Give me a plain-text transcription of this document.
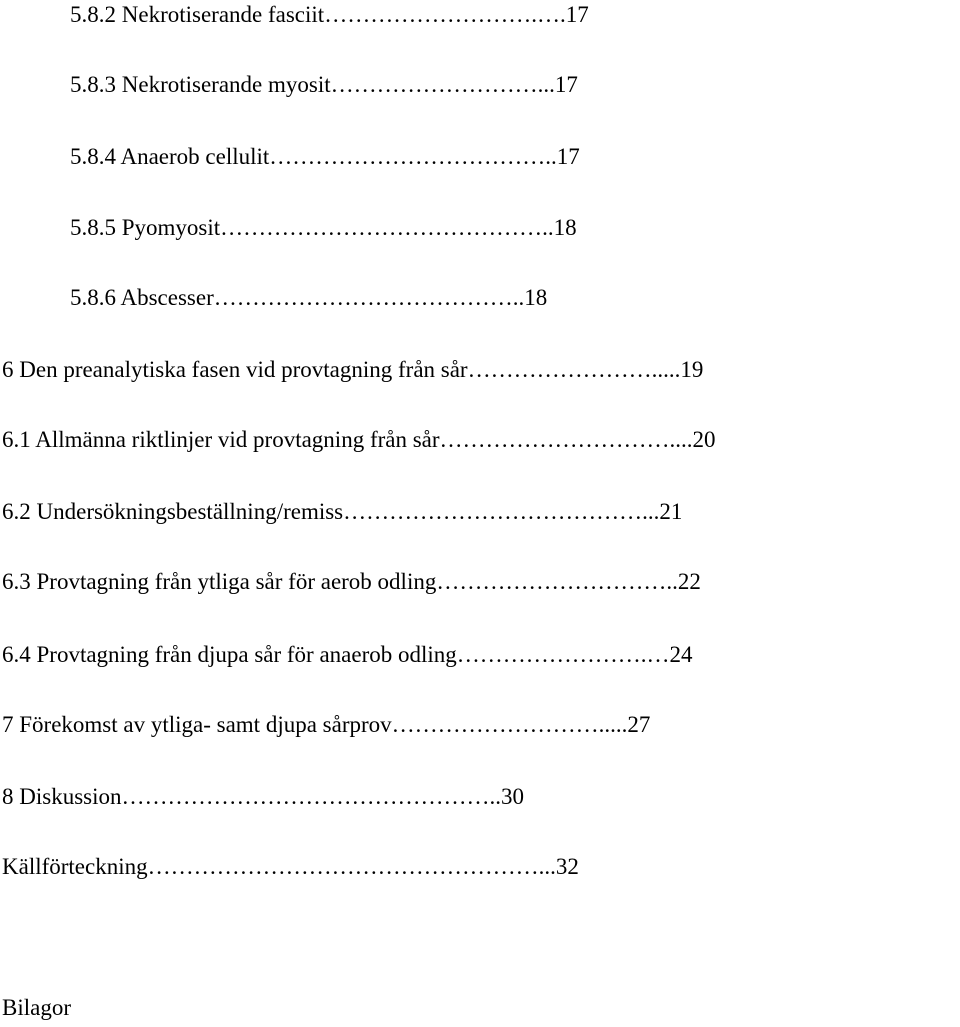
5.8.2 Nekrotiserande fasciit……………………….….17
5.8.3 Nekrotiserande myosit………………………...17
5.8.4 Anaerob cellulit………………………………..17
5.8.5 Pyomyosit……………………………………..18
5.8.6 Abscesser…………………………………..18
6 Den preanalytiska fasen vid provtagning från sår…………………….....19
6.1 Allmänna riktlinjer vid provtagning från sår…………………………....20
6.2 Undersökningsbeställning/remiss…………………………………...21
6.3 Provtagning från ytliga sår för aerob odling…………………………..22
6.4 Provtagning från djupa sår för anaerob odling…………………….…24
7 Förekomst av ytliga- samt djupa sårprov……………………….....27
8 Diskussion…………………………………………..30
Källförteckning……………………………………………...32
Bilagor
